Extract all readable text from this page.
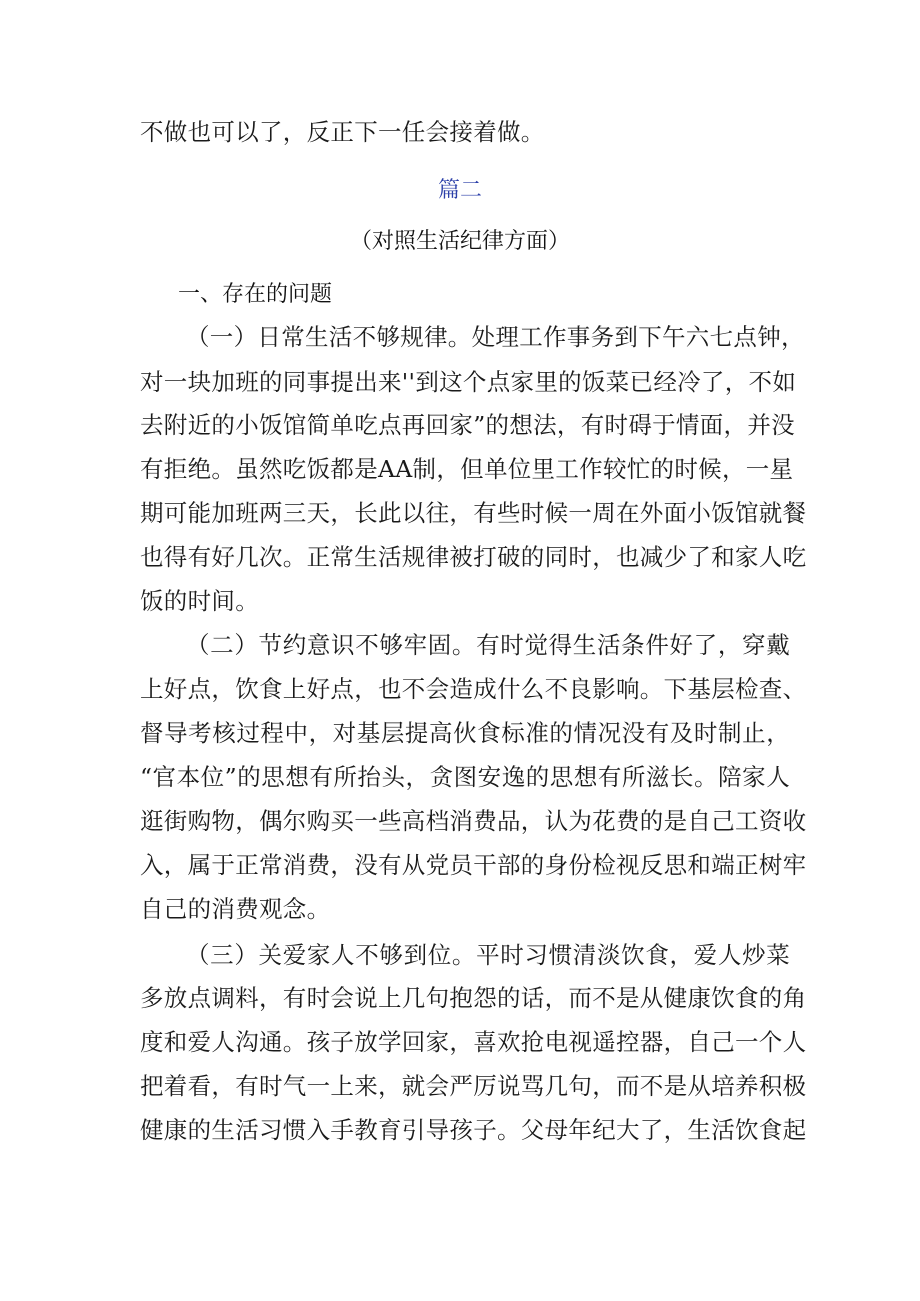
不做也可以了，反正下一任会接着做。
篇二
（对照生活纪律方面）
一、存在的问题
（一）日常生活不够规律。处理工作事务到下午六七点钟，
对一块加班的同事提出来''到这个点家里的饭菜已经冷了，不如
去附近的小饭馆简单吃点再回家”的想法，有时碍于情面，并没
有拒绝。虽然吃饭都是AA制，但单位里工作较忙的时候，一星
期可能加班两三天，长此以往，有些时候一周在外面小饭馆就餐
也得有好几次。正常生活规律被打破的同时，也减少了和家人吃
饭的时间。
（二）节约意识不够牢固。有时觉得生活条件好了，穿戴
上好点，饮食上好点，也不会造成什么不良影响。下基层检查、
督导考核过程中，对基层提高伙食标准的情况没有及时制止，
“官本位”的思想有所抬头，贪图安逸的思想有所滋长。陪家人
逛街购物，偶尔购买一些高档消费品，认为花费的是自己工资收
入，属于正常消费，没有从党员干部的身份检视反思和端正树牢
自己的消费观念。
（三）关爱家人不够到位。平时习惯清淡饮食，爱人炒菜
多放点调料，有时会说上几句抱怨的话，而不是从健康饮食的角
度和爱人沟通。孩子放学回家，喜欢抢电视遥控器，自己一个人
把着看，有时气一上来，就会严厉说骂几句，而不是从培养积极
健康的生活习惯入手教育引导孩子。父母年纪大了，生活饮食起
